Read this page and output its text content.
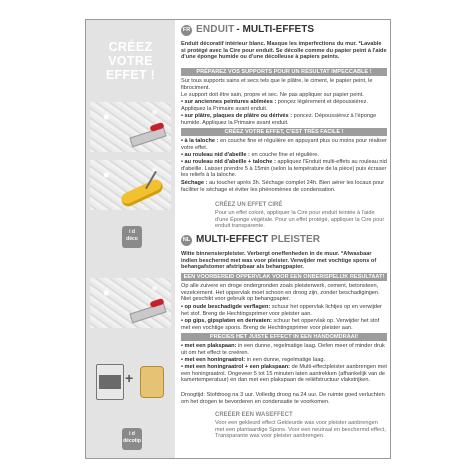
CRÉEZ
VOTRE
EFFET !
i d
déco
+
i d
décotip
FR ENDUIT - MULTI-EFFETS
Enduit décoratif intérieur blanc. Masque les imperfections du mur. *Lavable si protégé avec la Cire pour enduit. Se décolle comme du papier peint à l'aide d'une éponge humide ou d'une décolleuse à papiers peints.
PRÉPAREZ VOS SUPPORTS POUR UN RÉSULTAT IMPECCABLE !
Sur tous supports sains et secs tels que le plâtre, le ciment, le papier peint, le fibrociment.
Le support doit être sain, propre et sec. Ne pas appliquer sur papier peint.
• sur anciennes peintures abîmées : ponçez légèrement et dépoussiérez. Appliquez la Primaire avant enduit.
• sur plâtre, plaques de plâtre ou dérivés : poncez. Dépoussiérez à l'éponge humide. Appliquez la Primaire avant enduit.
CRÉEZ VOTRE EFFET, C'EST TRÈS FACILE !
• à la taloche : en couche fine et régulière en appuyant plus ou moins pour réaliser votre effet.
• au rouleau nid d'abeille : en couche fine et régulière.
• au rouleau nid d'abeille + taloche : appliquez l'Enduit multi-effets au rouleau nid d'abeille. Laisser prendre 5 à 15min (selon la température de la pièce) puis écraser les reliefs à la taloche.
Séchage : au toucher après 3h. Séchage complet 24h. Bien aérer les locaux pour faciliter le séchage et éviter les phénomènes de condensation.
CRÉEZ UN EFFET CIRÉ
Pour un effet coloré, appliquer la Cire pour enduit teintée à l'aide d'une Éponge végétale. Pour un effet protégé, appliquer la Cire pour enduit transparente.
NL MULTI-EFFECT PLEISTER
Witte binnensierpleister. Verbergt oneffenheden in de muur. *Afwasbaar indien beschermd met was voor pleister. Verwijder met vochtige spons of behangafstomer afstripbaar als behangpapier.
EEN VOORBEREID OPPERVLAK VOOR EEN ONBERISPELIJK RESULTAAT!
Op alle zuivere en droge ondergronden zoals pleisterwerk, cement, betonsteen, vezelcement. Het oppervlak moet schoon en droog zijn, zonder beschadigingen. Niet geschikt voor gebruik op behangpapier.
• op oude beschadigde verflagen: schuur het oppervlak lichtjes op en verwijder het stof. Breng de Hechtingsprimer voor pleister aan.
• op gips, gipsplaten en derivaten: schuur het oppervlak op. Verwijder het stof met een vochtige spons. Breng de Hechtingsprimer voor pleister aan.
PRECIES HET JUISTE EFFECT IN EEN HANDOMDRAAI!
• met een plakspaan: in een dunne, regelmatige laag. Oefen meer of minder druk uit om het effect te creëren.
• met een honingraatrol: in een dunne, regelmatige laag.
• met een honingraatrol + een plakspaan: de Multi-effectpleister aanbrengen met een honingraatrol. Ongeveer 5 tot 15 minuten laten aantrekken (afhankelijk van de kamertemperatuur) en dan met een plakspaan de reliëfstructuur vlakstrijken.
Droogtijd: Stofdroog na 3 uur. Volledig droog na 24 uur. De ruimte goed verluchten om het drogen te bevorderen en condensatie te voorkomen.
CREËER EEN WASEFFECT
Voor een gekleurd effect Gekleurde was voor pleister aanbrengen met een plantaardige Spons. Voor een neutraal en beschermd effect, Transparante was voor pleister aanbrengen.
